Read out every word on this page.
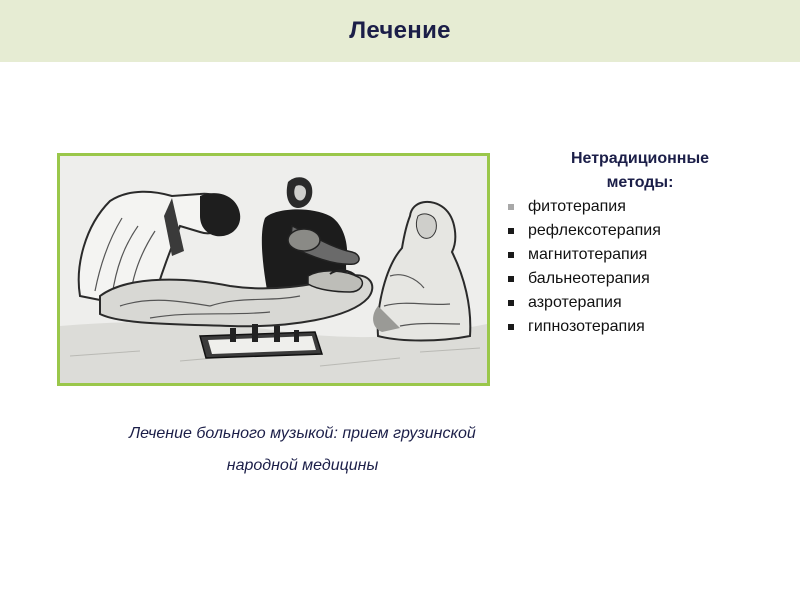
Лечение
Нетрадиционные
методы:
фитотерапия
рефлексотерапия
магнитотерапия
бальнеотерапия
азротерапия
гипнозотерапия
Лечение больного музыкой: прием грузинской
народной медицины
